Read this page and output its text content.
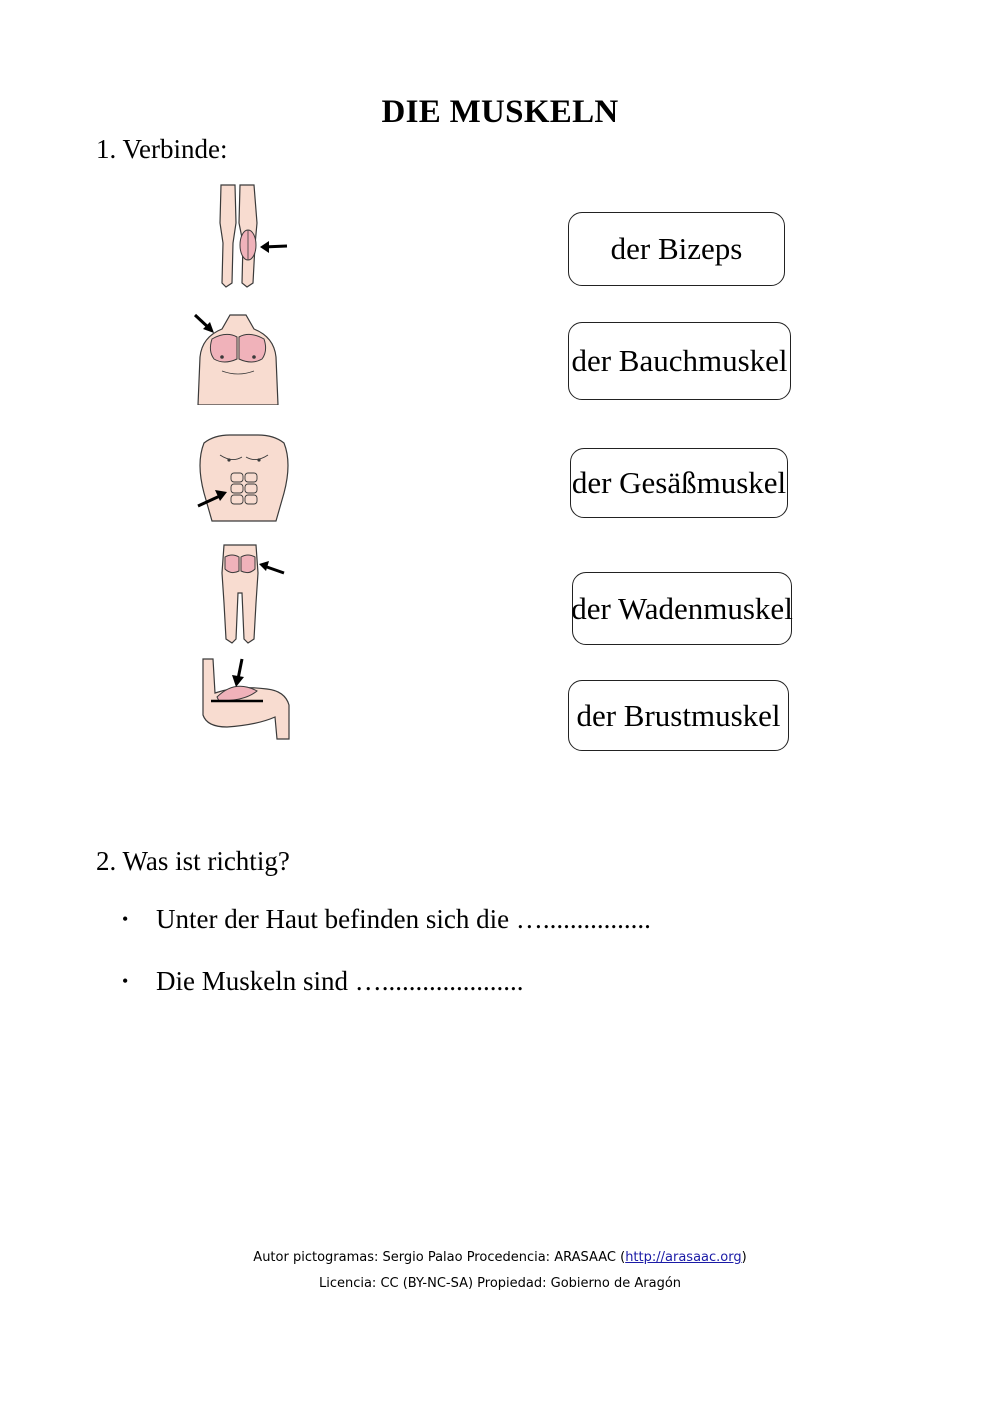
DIE MUSKELN
1. Verbinde:
der Bizeps
der Bauchmuskel
der Gesäßmuskel
der Wadenmuskel
der Brustmuskel
2. Was ist richtig?
•	Unter der Haut befinden sich die …................
•	Die Muskeln sind ….....................
Autor pictogramas: Sergio Palao Procedencia: ARASAAC (http://arasaac.org)
Licencia: CC (BY-NC-SA) Propiedad: Gobierno de Aragón
